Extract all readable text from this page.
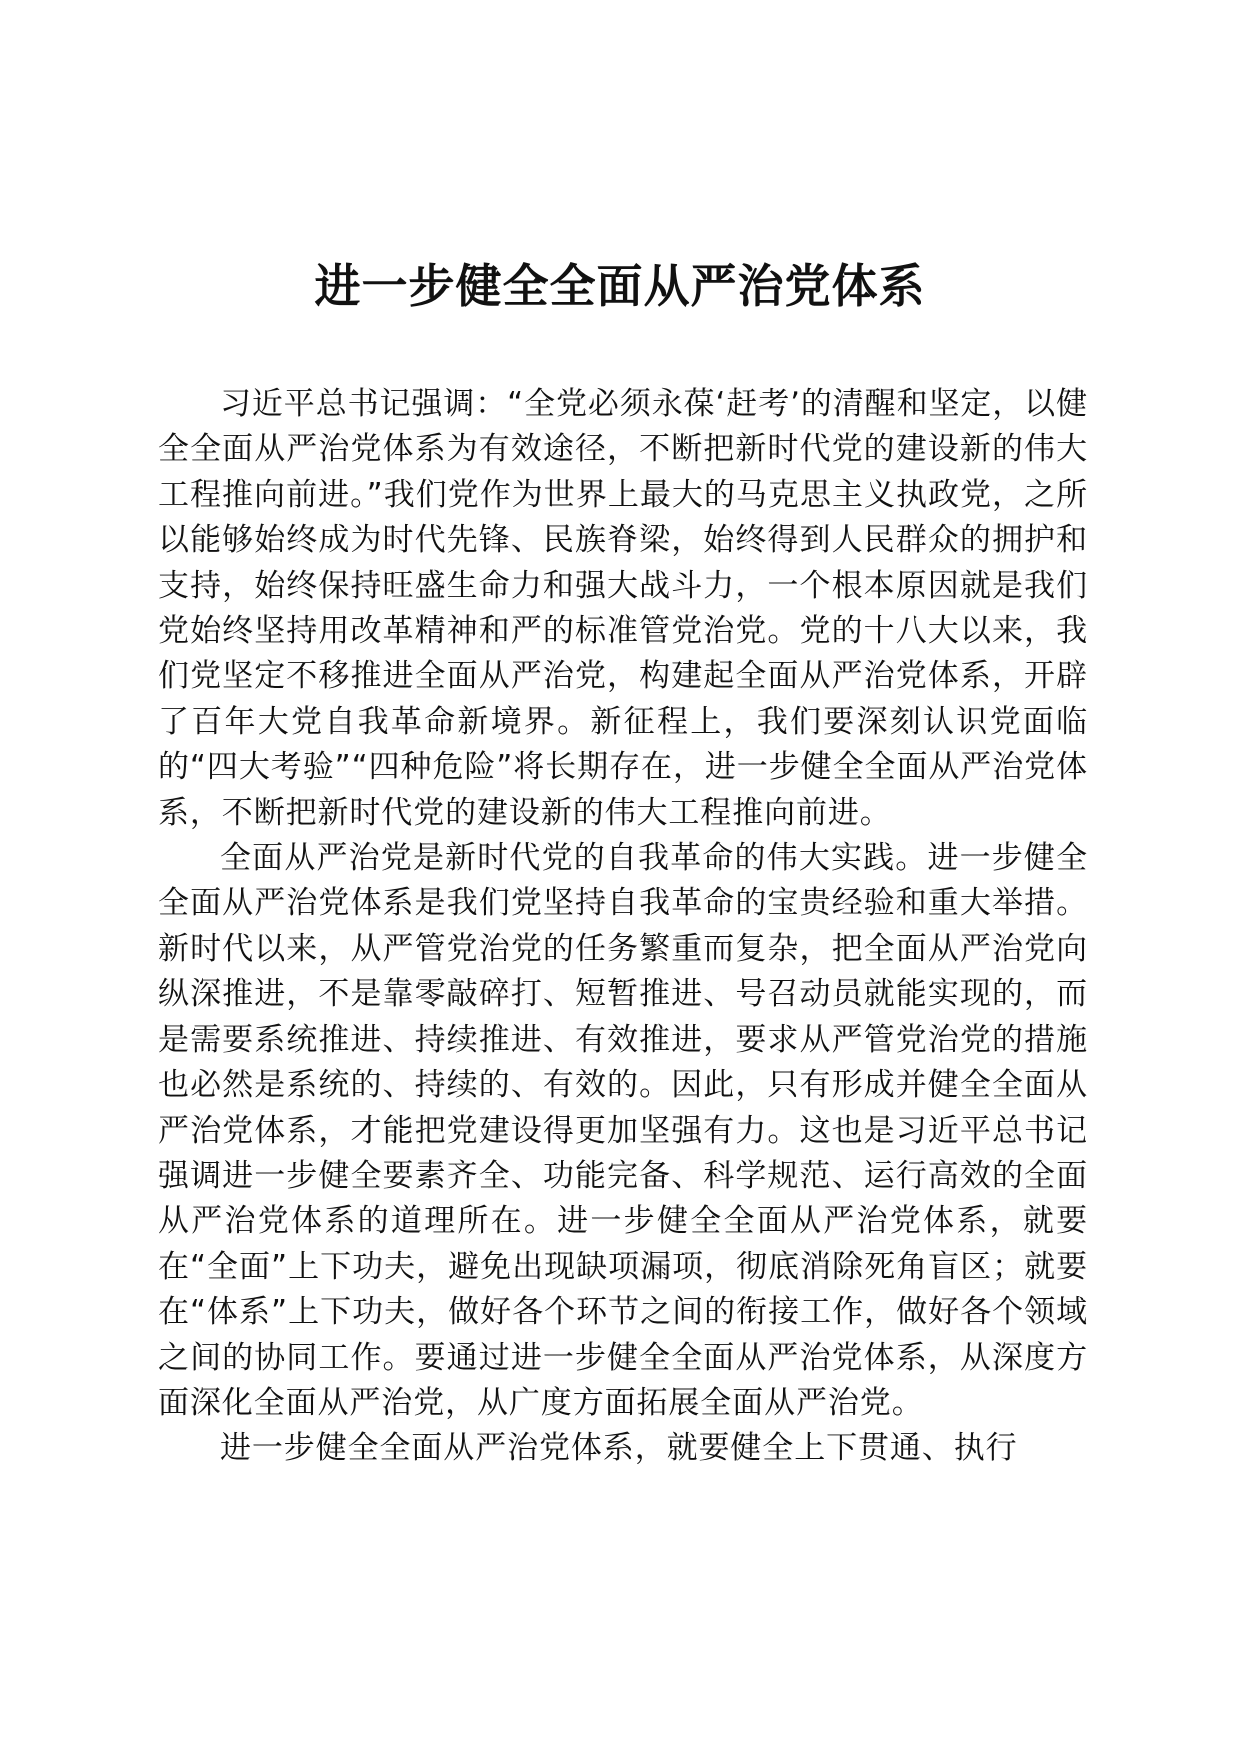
进一步健全全面从严治党体系

习近平总书记强调：“全党必须永葆‘赶考’的清醒和坚定，以健全全面从严治党体系为有效途径，不断把新时代党的建设新的伟大工程推向前进。”我们党作为世界上最大的马克思主义执政党，之所以能够始终成为时代先锋、民族脊梁，始终得到人民群众的拥护和支持，始终保持旺盛生命力和强大战斗力，一个根本原因就是我们党始终坚持用改革精神和严的标准管党治党。党的十八大以来，我们党坚定不移推进全面从严治党，构建起全面从严治党体系，开辟了百年大党自我革命新境界。新征程上，我们要深刻认识党面临的“四大考验”“四种危险”将长期存在，进一步健全全面从严治党体系，不断把新时代党的建设新的伟大工程推向前进。

全面从严治党是新时代党的自我革命的伟大实践。进一步健全全面从严治党体系是我们党坚持自我革命的宝贵经验和重大举措。新时代以来，从严管党治党的任务繁重而复杂，把全面从严治党向纵深推进，不是靠零敲碎打、短暂推进、号召动员就能实现的，而是需要系统推进、持续推进、有效推进，要求从严管党治党的措施也必然是系统的、持续的、有效的。因此，只有形成并健全全面从严治党体系，才能把党建设得更加坚强有力。这也是习近平总书记强调进一步健全要素齐全、功能完备、科学规范、运行高效的全面从严治党体系的道理所在。进一步健全全面从严治党体系，就要在“全面”上下功夫，避免出现缺项漏项，彻底消除死角盲区；就要在“体系”上下功夫，做好各个环节之间的衔接工作，做好各个领域之间的协同工作。要通过进一步健全全面从严治党体系，从深度方面深化全面从严治党，从广度方面拓展全面从严治党。

进一步健全全面从严治党体系，就要健全上下贯通、执行
